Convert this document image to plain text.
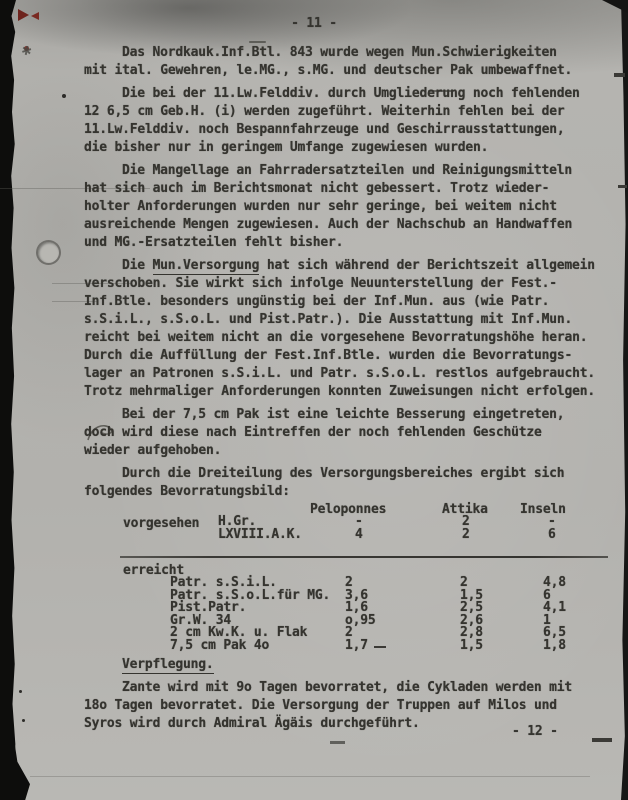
✱
- 11 -
- 12 -
Das Nordkauk.Inf.Btl. 843 wurde wegen Mun.Schwierigkeiten
mit ital. Gewehren, le.MG., s.MG. und deutscher Pak umbewaffnet.
Die bei der 11.Lw.Felddiv. durch Umgliederung noch fehlenden
12 6,5 cm Geb.H. (i) werden zugeführt. Weiterhin fehlen bei der
11.Lw.Felddiv. noch Bespannfahrzeuge und Geschirrausstattungen,
die bisher nur in geringem Umfange zugewiesen wurden.
Die Mangellage an Fahrradersatzteilen und Reinigungsmitteln
hat sich auch im Berichtsmonat nicht gebessert. Trotz wieder-
holter Anforderungen wurden nur sehr geringe, bei weitem nicht
ausreichende Mengen zugewiesen. Auch der Nachschub an Handwaffen
und MG.-Ersatzteilen fehlt bisher.
Die Mun.Versorgung hat sich während der Berichtszeit allgemein
verschoben. Sie wirkt sich infolge Neuunterstellung der Fest.-
Inf.Btle. besonders ungünstig bei der Inf.Mun. aus (wie Patr.
s.S.i.L., s.S.o.L. und Pist.Patr.). Die Ausstattung mit Inf.Mun.
reicht bei weitem nicht an die vorgesehene Bevorratungshöhe heran.
Durch die Auffüllung der Fest.Inf.Btle. wurden die Bevorratungs-
lager an Patronen s.S.i.L. und Patr. s.S.o.L. restlos aufgebraucht.
Trotz mehrmaliger Anforderungen konnten Zuweisungen nicht erfolgen.
Bei der 7,5 cm Pak ist eine leichte Besserung eingetreten,
doch wird diese nach Eintreffen der noch fehlenden Geschütze
wieder aufgehoben.
Durch die Dreiteilung des Versorgungsbereiches ergibt sich
folgendes Bevorratungsbild:
Peloponnes	Attika Inseln
vorgesehen H.Gr.	-	2	-
LXVIII.A.K.	4	2	6
erreicht
Patr. s.S.i.L.	2	2	4,8
Patr. s.S.o.L.für MG. 3,6	1,5	6
Pist.Patr.	1,6	2,5	4,1
Gr.W. 34	o,95	2,6	1
2 cm Kw.K. u. Flak	2	2,8	6,5
7,5 cm Pak 4o	1,7	1,5	1,8
Verpflegung.
Zante wird mit 9o Tagen bevorratet, die Cykladen werden mit
18o Tagen bevorratet. Die Versorgung der Truppen auf Milos und
Syros wird durch Admiral Ägäis durchgeführt.
